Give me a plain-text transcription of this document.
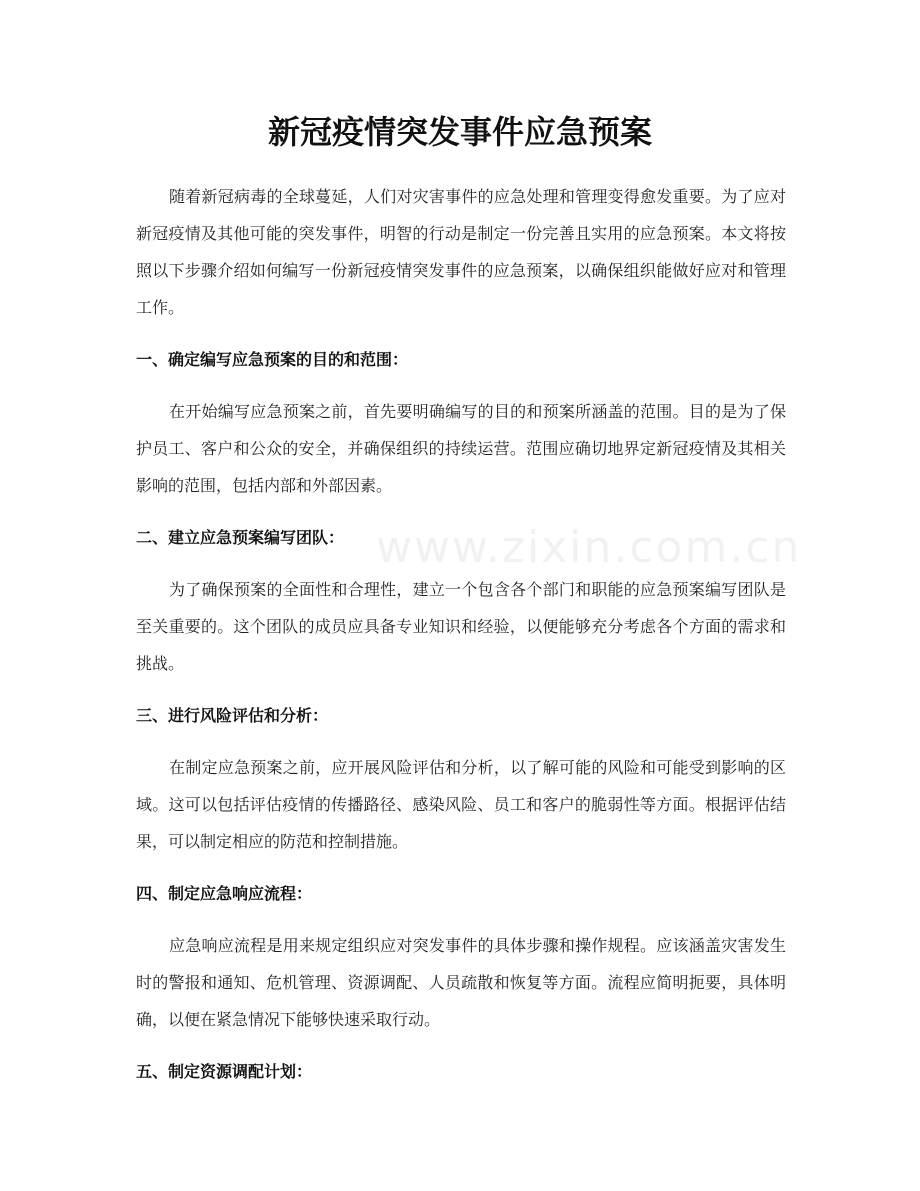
新冠疫情突发事件应急预案
www.zixin.com.cn

随着新冠病毒的全球蔓延，人们对灾害事件的应急处理和管理变得愈发重要。为了应对新冠疫情及其他可能的突发事件，明智的行动是制定一份完善且实用的应急预案。本文将按照以下步骤介绍如何编写一份新冠疫情突发事件的应急预案，以确保组织能做好应对和管理工作。

一、确定编写应急预案的目的和范围：

在开始编写应急预案之前，首先要明确编写的目的和预案所涵盖的范围。目的是为了保护员工、客户和公众的安全，并确保组织的持续运营。范围应确切地界定新冠疫情及其相关影响的范围，包括内部和外部因素。

二、建立应急预案编写团队：

为了确保预案的全面性和合理性，建立一个包含各个部门和职能的应急预案编写团队是至关重要的。这个团队的成员应具备专业知识和经验，以便能够充分考虑各个方面的需求和挑战。

三、进行风险评估和分析：

在制定应急预案之前，应开展风险评估和分析，以了解可能的风险和可能受到影响的区域。这可以包括评估疫情的传播路径、感染风险、员工和客户的脆弱性等方面。根据评估结果，可以制定相应的防范和控制措施。

四、制定应急响应流程：

应急响应流程是用来规定组织应对突发事件的具体步骤和操作规程。应该涵盖灾害发生时的警报和通知、危机管理、资源调配、人员疏散和恢复等方面。流程应简明扼要，具体明确，以便在紧急情况下能够快速采取行动。

五、制定资源调配计划：
